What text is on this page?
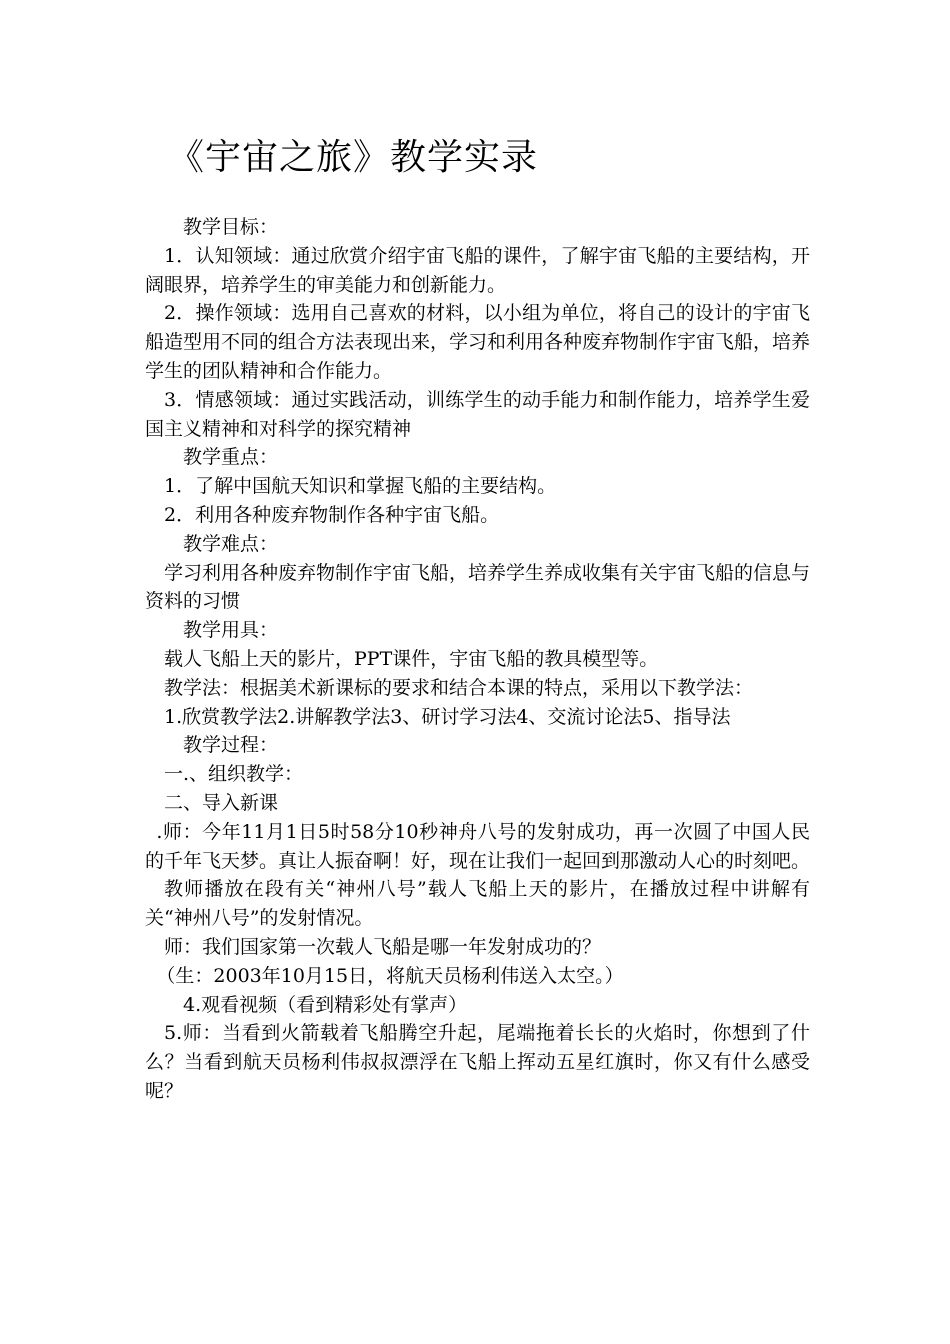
《宇宙之旅》教学实录

教学目标：

1．认知领域：通过欣赏介绍宇宙飞船的课件，了解宇宙飞船的主要结构，开阔眼界，培养学生的审美能力和创新能力。

2．操作领域：选用自己喜欢的材料，以小组为单位，将自己的设计的宇宙飞船造型用不同的组合方法表现出来，学习和利用各种废弃物制作宇宙飞船，培养学生的团队精神和合作能力。

3．情感领域：通过实践活动，训练学生的动手能力和制作能力，培养学生爱国主义精神和对科学的探究精神

教学重点：

1．了解中国航天知识和掌握飞船的主要结构。

2．利用各种废弃物制作各种宇宙飞船。

教学难点：

学习利用各种废弃物制作宇宙飞船，培养学生养成收集有关宇宙飞船的信息与资料的习惯

教学用具：

载人飞船上天的影片，PPT课件，宇宙飞船的教具模型等。

教学法：根据美术新课标的要求和结合本课的特点，采用以下教学法：

1.欣赏教学法2.讲解教学法3、研讨学习法4、交流讨论法5、指导法

教学过程：

一.、组织教学：

二、导入新课

.师：今年11月1日5时58分10秒神舟八号的发射成功，再一次圆了中国人民的千年飞天梦。真让人振奋啊！好，现在让我们一起回到那激动人心的时刻吧。

教师播放在段有关“神州八号”载人飞船上天的影片，在播放过程中讲解有关“神州八号”的发射情况。

师：我们国家第一次载人飞船是哪一年发射成功的？

（生：2003年10月15日，将航天员杨利伟送入太空。）

4.观看视频（看到精彩处有掌声）

5.师：当看到火箭载着飞船腾空升起，尾端拖着长长的火焰时，你想到了什么？当看到航天员杨利伟叔叔漂浮在飞船上挥动五星红旗时，你又有什么感受呢？
